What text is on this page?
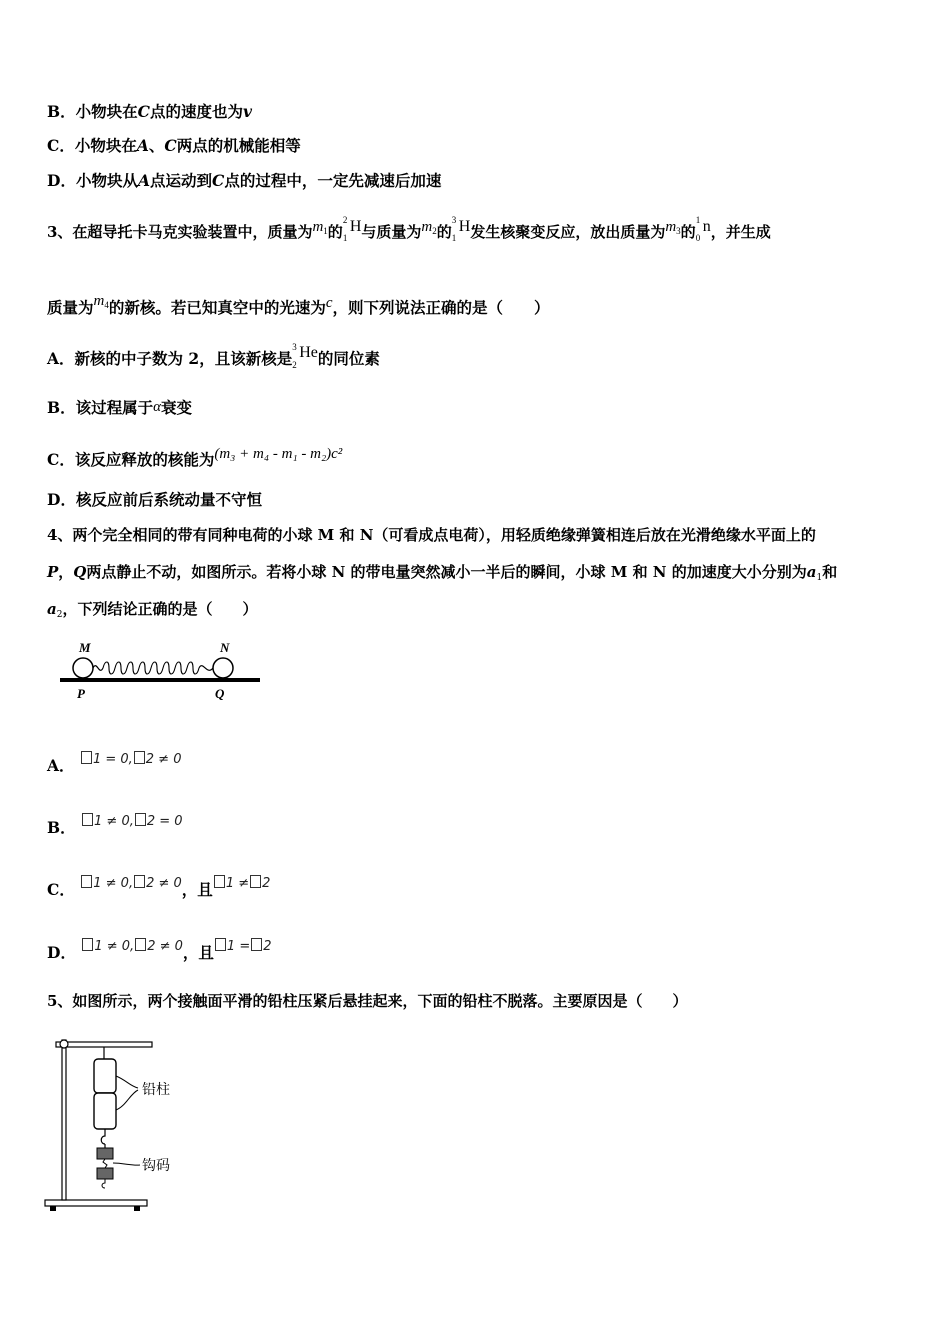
B．小物块在C点的速度也为v
C．小物块在A、C两点的机械能相等
D．小物块从A点运动到C点的过程中，一定先减速后加速
3、在超导托卡马克实验装置中，质量为$m_1$的
2
1
H与质量为$m_2$的
3
1
H发生核聚变反应，放出质量为$m_3$的
1
0
n，并生成
质量为$m_4$的新核。若已知真空中的光速为c，则下列说法正确的是（　　）
A．新核的中子数为 2，且该新核是
3
2
He的同位素
B．该过程属于α衰变
C．该反应释放的核能为(m₃ + m₄ - m₁ - m₂)c²
D．核反应前后系统动量不守恒
4、两个完全相同的带有同种电荷的小球 M 和 N（可看成点电荷），用轻质绝缘弹簧相连后放在光滑绝缘水平面上的
P，Q两点静止不动，如图所示。若将小球 N 的带电量突然减小一半后的瞬间，小球 M 和 N 的加速度大小分别为$a_1$和
$a_2$，下列结论正确的是（　　）
M	N
P	Q
A． $^{1 = 0, 2 \ne 0}$
B． $^{1 \ne 0, 2 = 0}$
C． $^{1 \ne 0, 2 \ne 0}$，且 $^{1 \ne 2}$
D． $^{1 \ne 0, 2 \ne 0}$，且 $^{1 = 2}$
5、如图所示，两个接触面平滑的铅柱压紧后悬挂起来，下面的铅柱不脱落。主要原因是（　　）
铅柱
钩码
